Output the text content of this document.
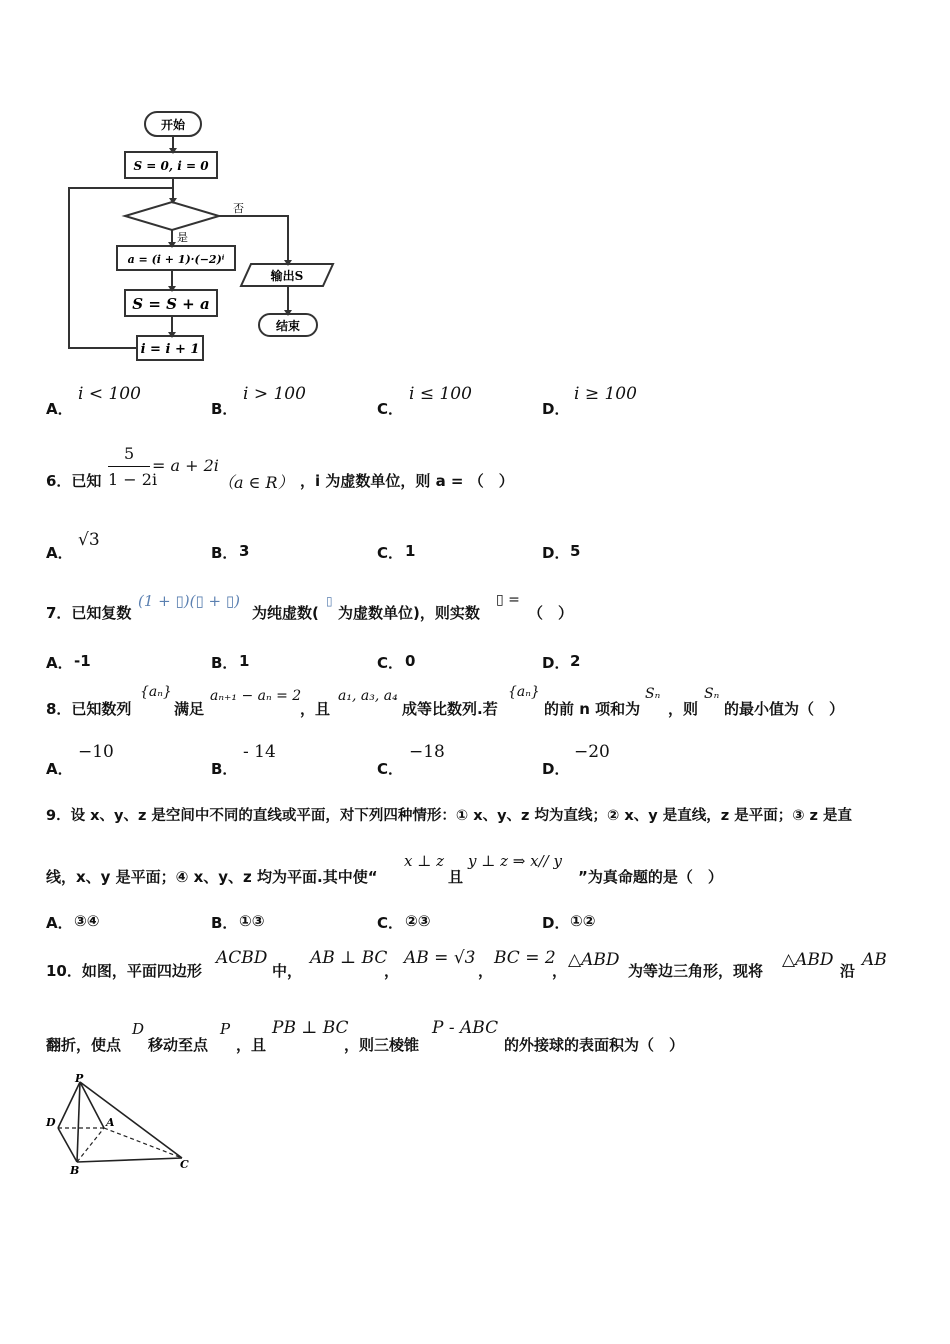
开始
S = 0, i = 0
否
是
a = (i + 1)·(−2)ⁱ
S = S + a
i = i + 1
输出S
结束
A．
i < 100
B．
i > 100
C．
i ≤ 100
D．
i ≥ 100
6．已知
5
1 − 2i
= a + 2i
（a ∈ R） ，i 为虚数单位，则 a = （　）
A．
√3
B． 3	C． 1	D． 5
7．已知复数
(1 + ▯)(▯ + ▯)
为纯虚数(
▯
为虚数单位)，则实数
▯ =
（　）
A． -1	B． 1	C． 0	D． 2
8．已知数列
{aₙ}
满足
aₙ₊₁ − aₙ = 2
，且
a₁, a₃, a₄
成等比数列.若
{aₙ}
的前 n 项和为
Sₙ
，则
Sₙ
的最小值为（　）
A．
−10
B．
- 14
C．
−18
D．
−20
9．设 x、y、z 是空间中不同的直线或平面，对下列四种情形：① x、y、z 均为直线；② x、y 是直线，z 是平面；③ z 是直
线，x、y 是平面；④ x、y、z 均为平面.其中使“
x ⊥ z
且
y ⊥ z ⇒ x// y
”为真命题的是（　）
A． ③④	B． ①③	C． ②③	D． ①②
10．如图，平面四边形
ACBD
中，
AB ⊥ BC
，
AB = √3
，
BC = 2
，
△ABD
为等边三角形，现将
△ABD
沿
AB
翻折，使点
D
移动至点
P
，且
PB ⊥ BC
，则三棱锥
P - ABC
的外接球的表面积为（　）
P
D	A
B	C
